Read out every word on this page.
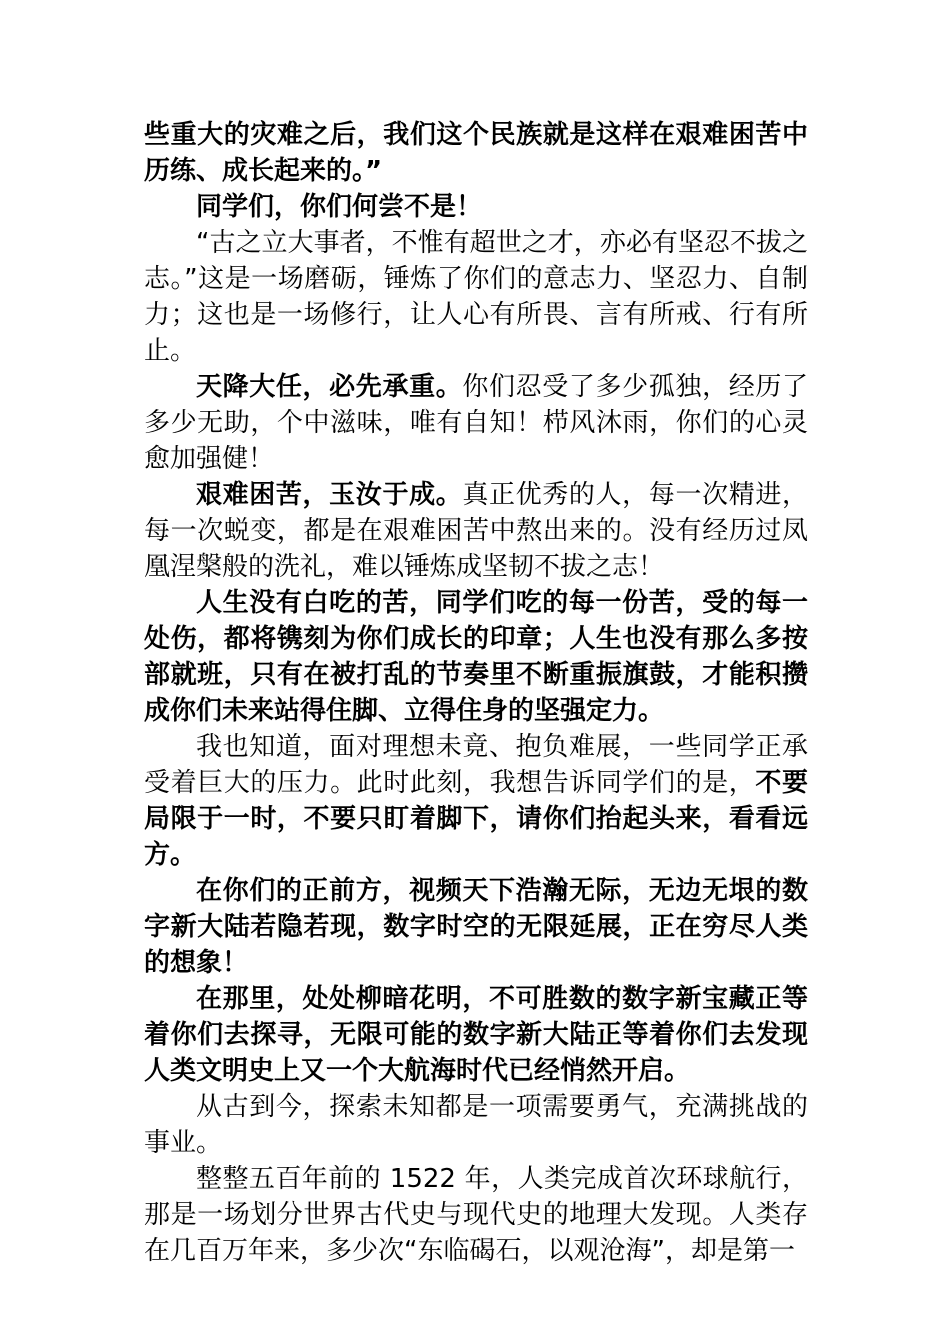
些重大的灾难之后，我们这个民族就是这样在艰难困苦中历练、成长起来的。”

同学们，你们何尝不是！

“古之立大事者，不惟有超世之才，亦必有坚忍不拔之志。”这是一场磨砺，锤炼了你们的意志力、坚忍力、自制力；这也是一场修行，让人心有所畏、言有所戒、行有所止。

天降大任，必先承重。你们忍受了多少孤独，经历了多少无助，个中滋味，唯有自知！栉风沐雨，你们的心灵愈加强健！

艰难困苦，玉汝于成。真正优秀的人，每一次精进，每一次蜕变，都是在艰难困苦中熬出来的。没有经历过凤凰涅槃般的洗礼，难以锤炼成坚韧不拔之志！

人生没有白吃的苦，同学们吃的每一份苦，受的每一处伤，都将镌刻为你们成长的印章；人生也没有那么多按部就班，只有在被打乱的节奏里不断重振旗鼓，才能积攒成你们未来站得住脚、立得住身的坚强定力。

我也知道，面对理想未竟、抱负难展，一些同学正承受着巨大的压力。此时此刻，我想告诉同学们的是，不要局限于一时，不要只盯着脚下，请你们抬起头来，看看远方。

在你们的正前方，视频天下浩瀚无际，无边无垠的数字新大陆若隐若现，数字时空的无限延展，正在穷尽人类的想象！

在那里，处处柳暗花明，不可胜数的数字新宝藏正等着你们去探寻，无限可能的数字新大陆正等着你们去发现人类文明史上又一个大航海时代已经悄然开启。

从古到今，探索未知都是一项需要勇气，充满挑战的事业。

整整五百年前的 1522 年，人类完成首次环球航行，那是一场划分世界古代史与现代史的地理大发现。人类存在几百万年来，多少次“东临碣石，以观沧海”，却是第一
